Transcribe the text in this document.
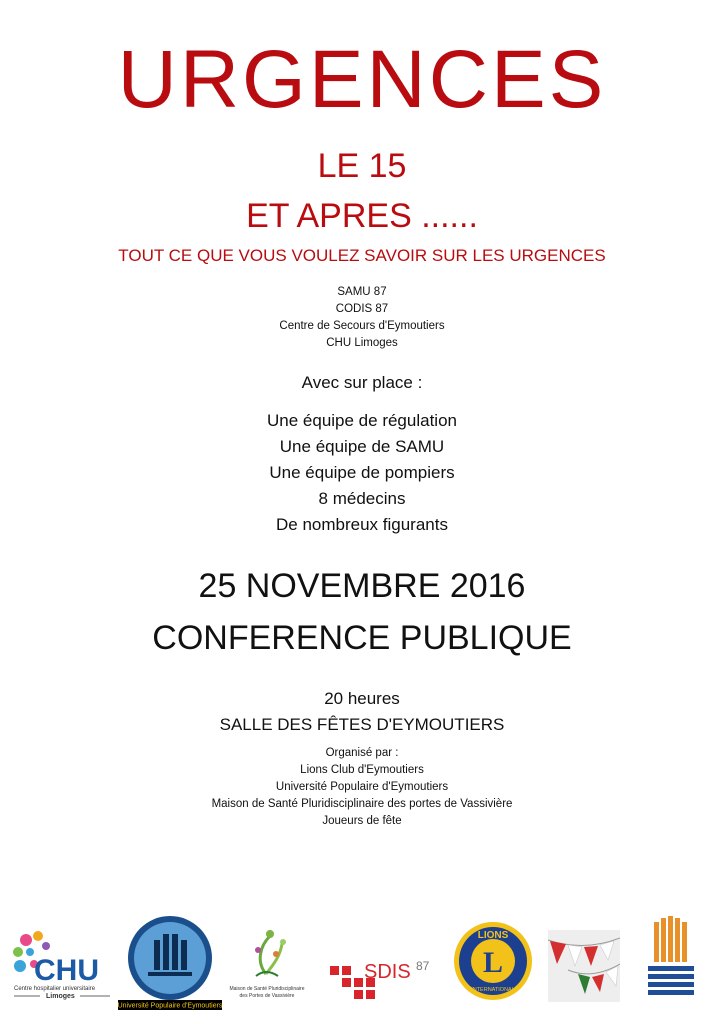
URGENCES
LE 15
ET APRES ......
TOUT CE QUE VOUS VOULEZ SAVOIR SUR LES URGENCES
SAMU 87
CODIS 87
Centre de Secours d'Eymoutiers
CHU Limoges
Avec sur place :
Une équipe de régulation
Une équipe de SAMU
Une équipe de pompiers
8 médecins
De nombreux figurants
25 NOVEMBRE 2016
CONFERENCE PUBLIQUE
20 heures
SALLE DES FÊTES D'EYMOUTIERS
Organisé par :
Lions Club d'Eymoutiers
Université Populaire d'Eymoutiers
Maison de Santé Pluridisciplinaire des portes de Vassivière
Joueurs de fête
CHU
Centre hospitalier universitaire
Limoges
Université Populaire d'Eymoutiers
Maison de Santé Pluridisciplinaire
des Portes de Vassivière
SDIS 87
LIONS
INTERNATIONAL
L
